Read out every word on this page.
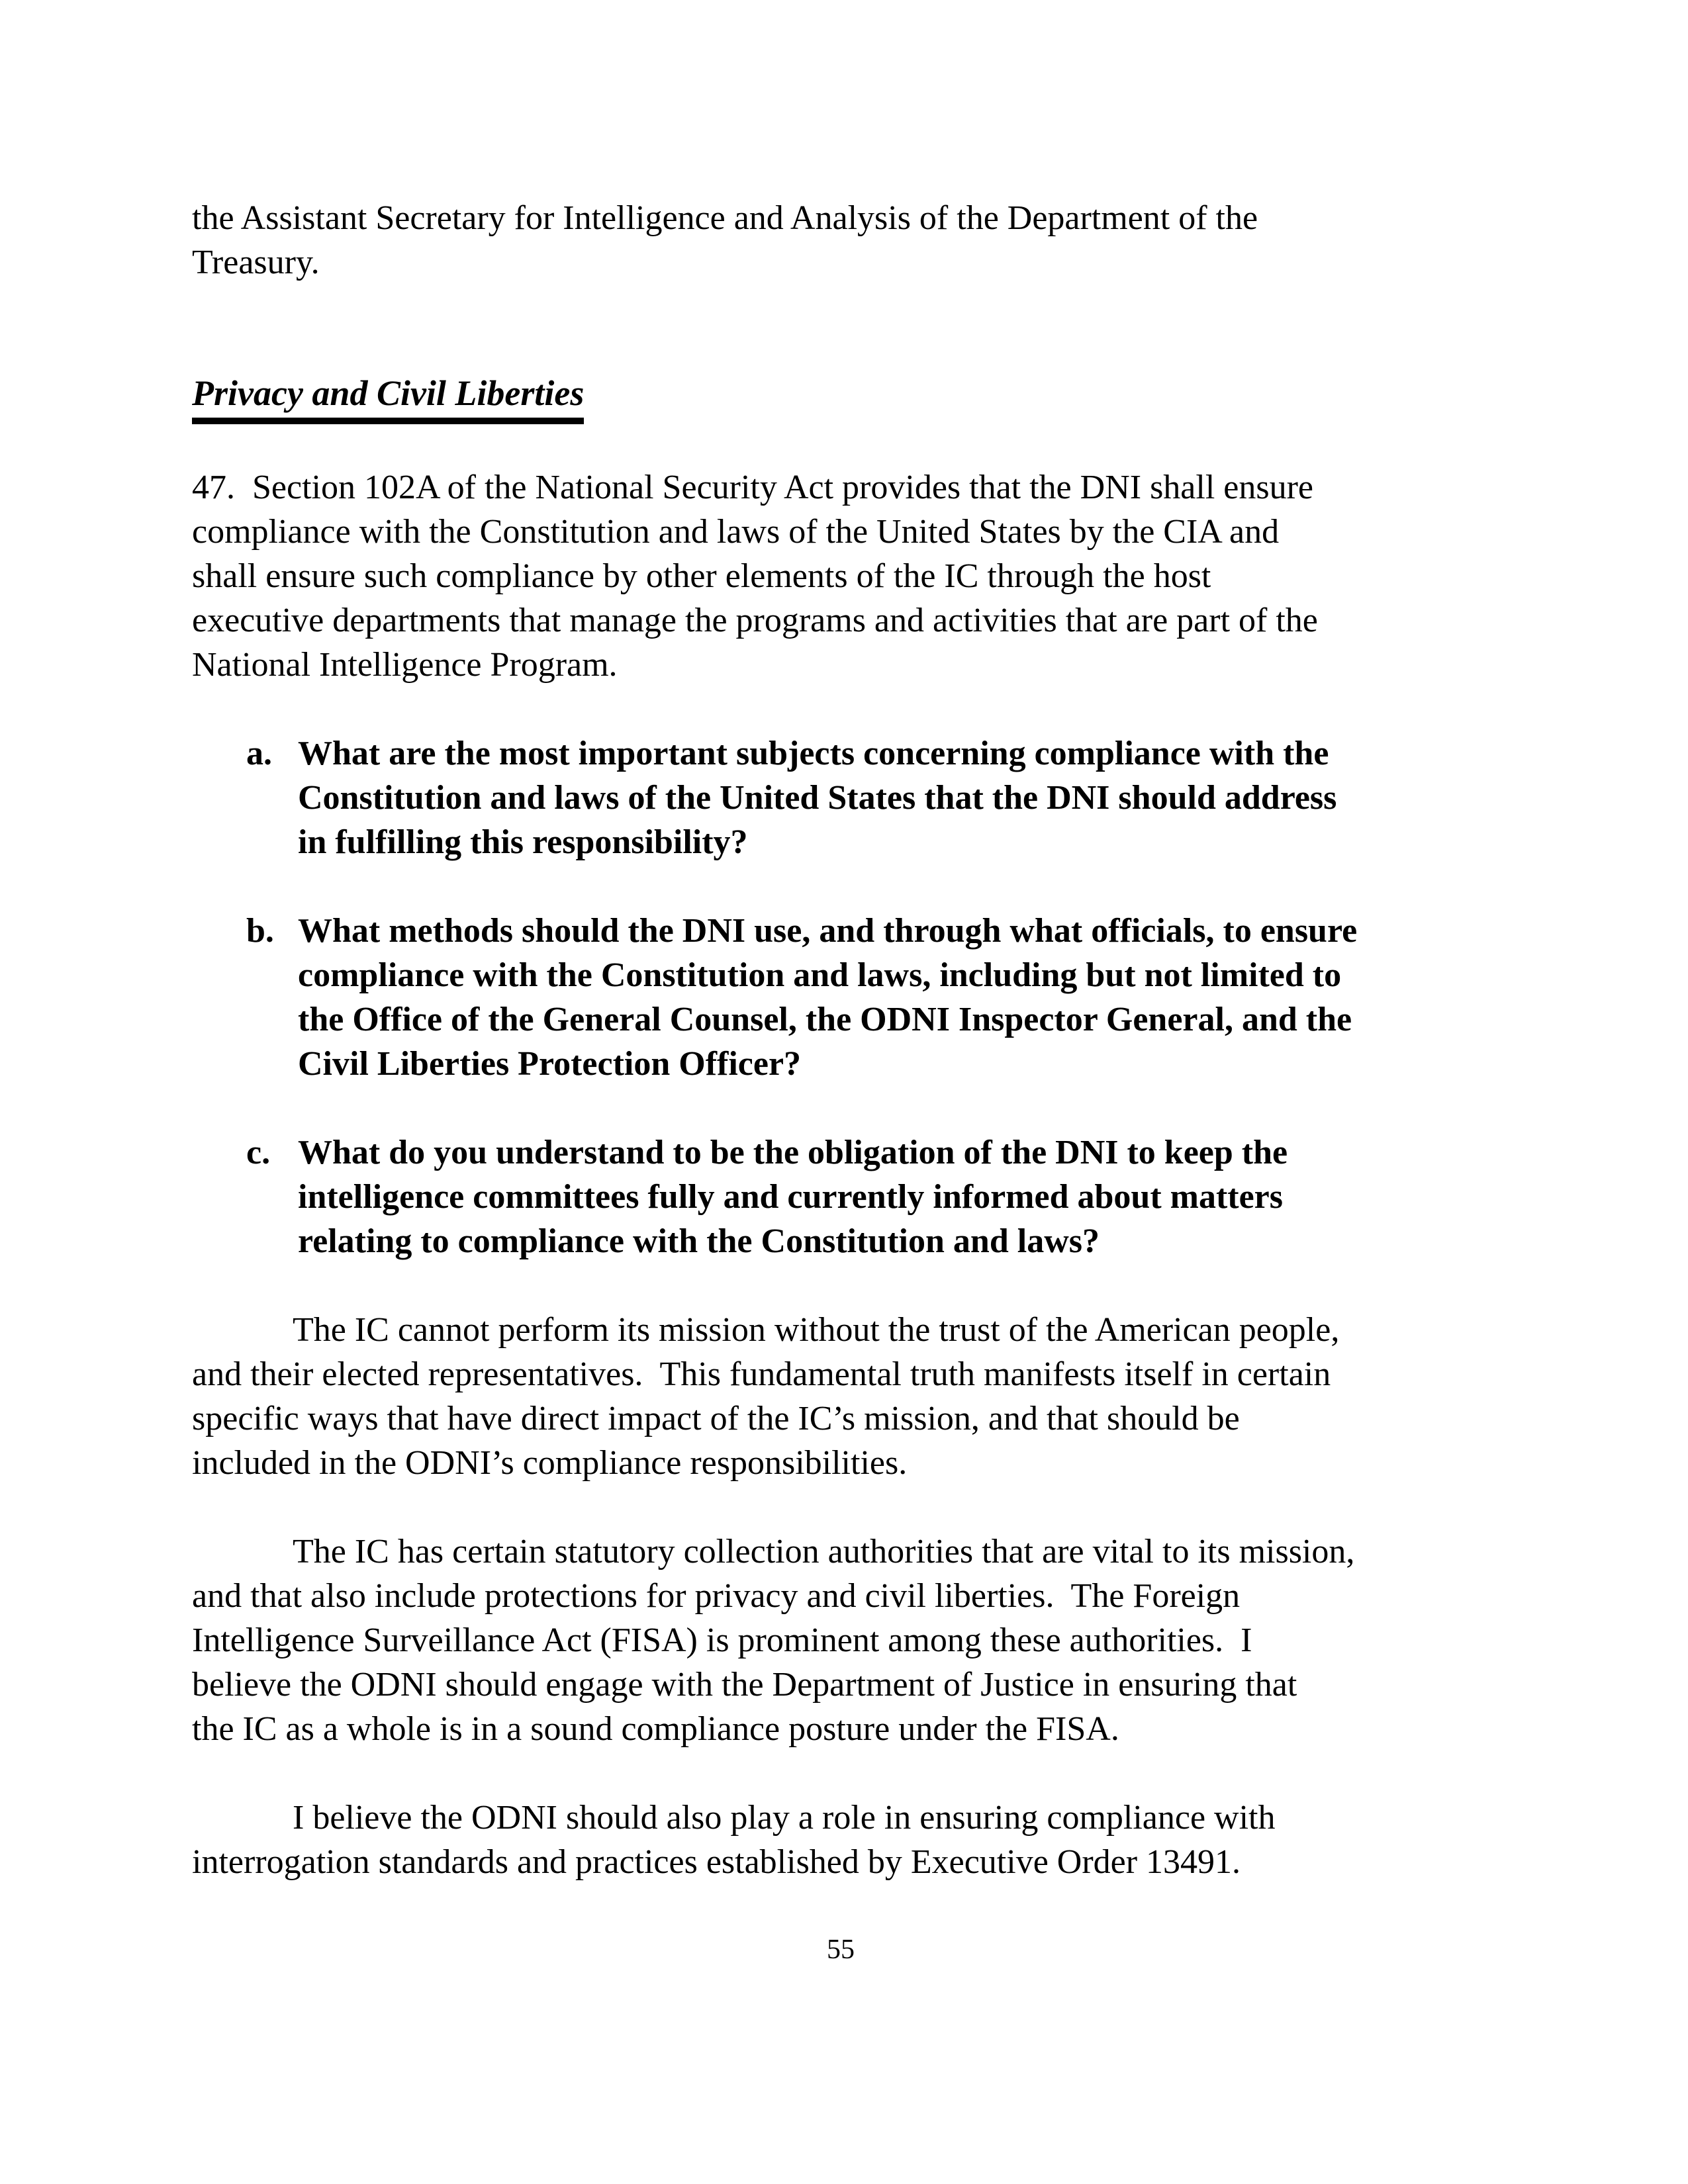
the Assistant Secretary for Intelligence and Analysis of the Department of the
Treasury.
Privacy and Civil Liberties
47.  Section 102A of the National Security Act provides that the DNI shall ensure
compliance with the Constitution and laws of the United States by the CIA and
shall ensure such compliance by other elements of the IC through the host
executive departments that manage the programs and activities that are part of the
National Intelligence Program.
a. What are the most important subjects concerning compliance with the
Constitution and laws of the United States that the DNI should address
in fulfilling this responsibility?
b. What methods should the DNI use, and through what officials, to ensure
compliance with the Constitution and laws, including but not limited to
the Office of the General Counsel, the ODNI Inspector General, and the
Civil Liberties Protection Officer?
c. What do you understand to be the obligation of the DNI to keep the
intelligence committees fully and currently informed about matters
relating to compliance with the Constitution and laws?
The IC cannot perform its mission without the trust of the American people,
and their elected representatives.  This fundamental truth manifests itself in certain
specific ways that have direct impact of the IC’s mission, and that should be
included in the ODNI’s compliance responsibilities.
The IC has certain statutory collection authorities that are vital to its mission,
and that also include protections for privacy and civil liberties.  The Foreign
Intelligence Surveillance Act (FISA) is prominent among these authorities.  I
believe the ODNI should engage with the Department of Justice in ensuring that
the IC as a whole is in a sound compliance posture under the FISA.
I believe the ODNI should also play a role in ensuring compliance with
interrogation standards and practices established by Executive Order 13491.
55
